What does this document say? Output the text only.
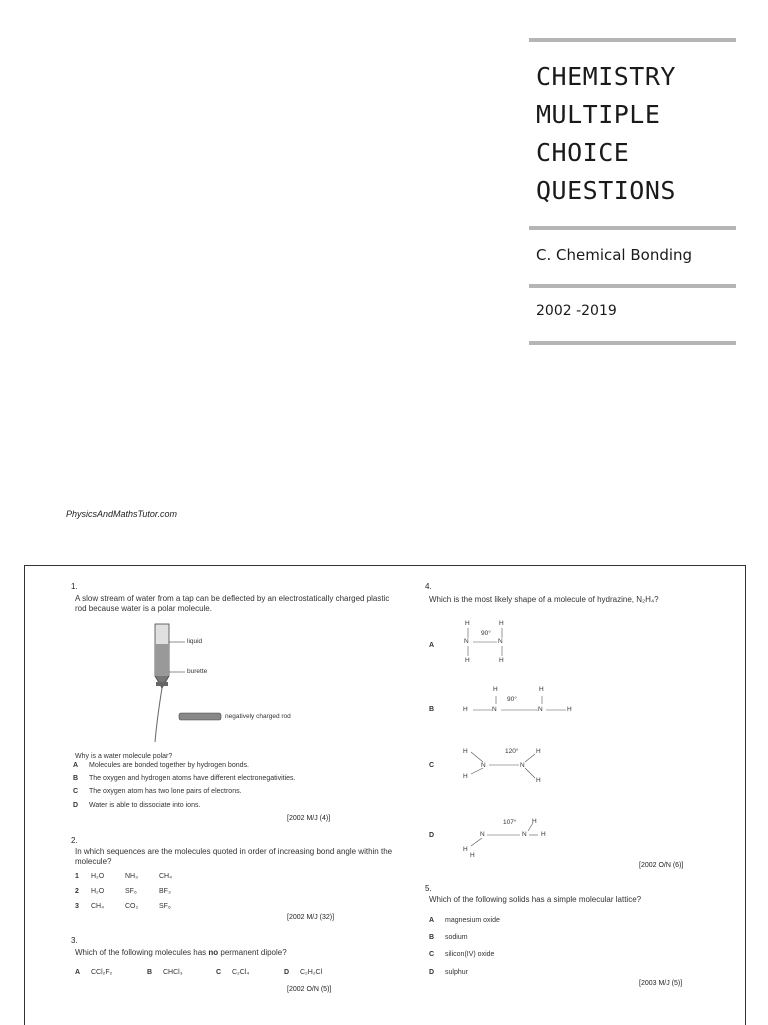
CHEMISTRY
MULTIPLE
CHOICE
QUESTIONS
C. Chemical Bonding
2002 -2019
PhysicsAndMathsTutor.com
1.
A slow stream of water from a tap can be deflected by an electrostatically charged plastic rod because water is a polar molecule.
liquid
burette
negatively charged rod
Why is a water molecule polar?
A Molecules are bonded together by hydrogen bonds.
B The oxygen and hydrogen atoms have different electronegativities.
C The oxygen atom has two lone pairs of electrons.
D Water is able to dissociate into ions.
[2002 M/J (4)]
2.
In which sequences are the molecules quoted in order of increasing bond angle within the molecule?
1 H₂O	NH₃	CH₄
2 H₂O	SF₆	BF₃
3 CH₄	CO₂	SF₆
[2002 M/J (32)]
3.
Which of the following molecules has no permanent dipole?
A CCl₂F₂	B CHCl₃	C C₂Cl₄	D C₂H₂Cl
[2002 O/N (5)]
4.
Which is the most likely shape of a molecule of hydrazine, N₂H₄?
A
H	H
N	N
H	H
90°
B	H	N	N	H
H	H
90°
C
H
H
N	N
H
H
120°
D	N
H
H
N
H
H
107°
[2002 O/N (6)]
5.
Which of the following solids has a simple molecular lattice?
A magnesium oxide
B sodium
C silicon(IV) oxide
D sulphur
[2003 M/J (5)]
